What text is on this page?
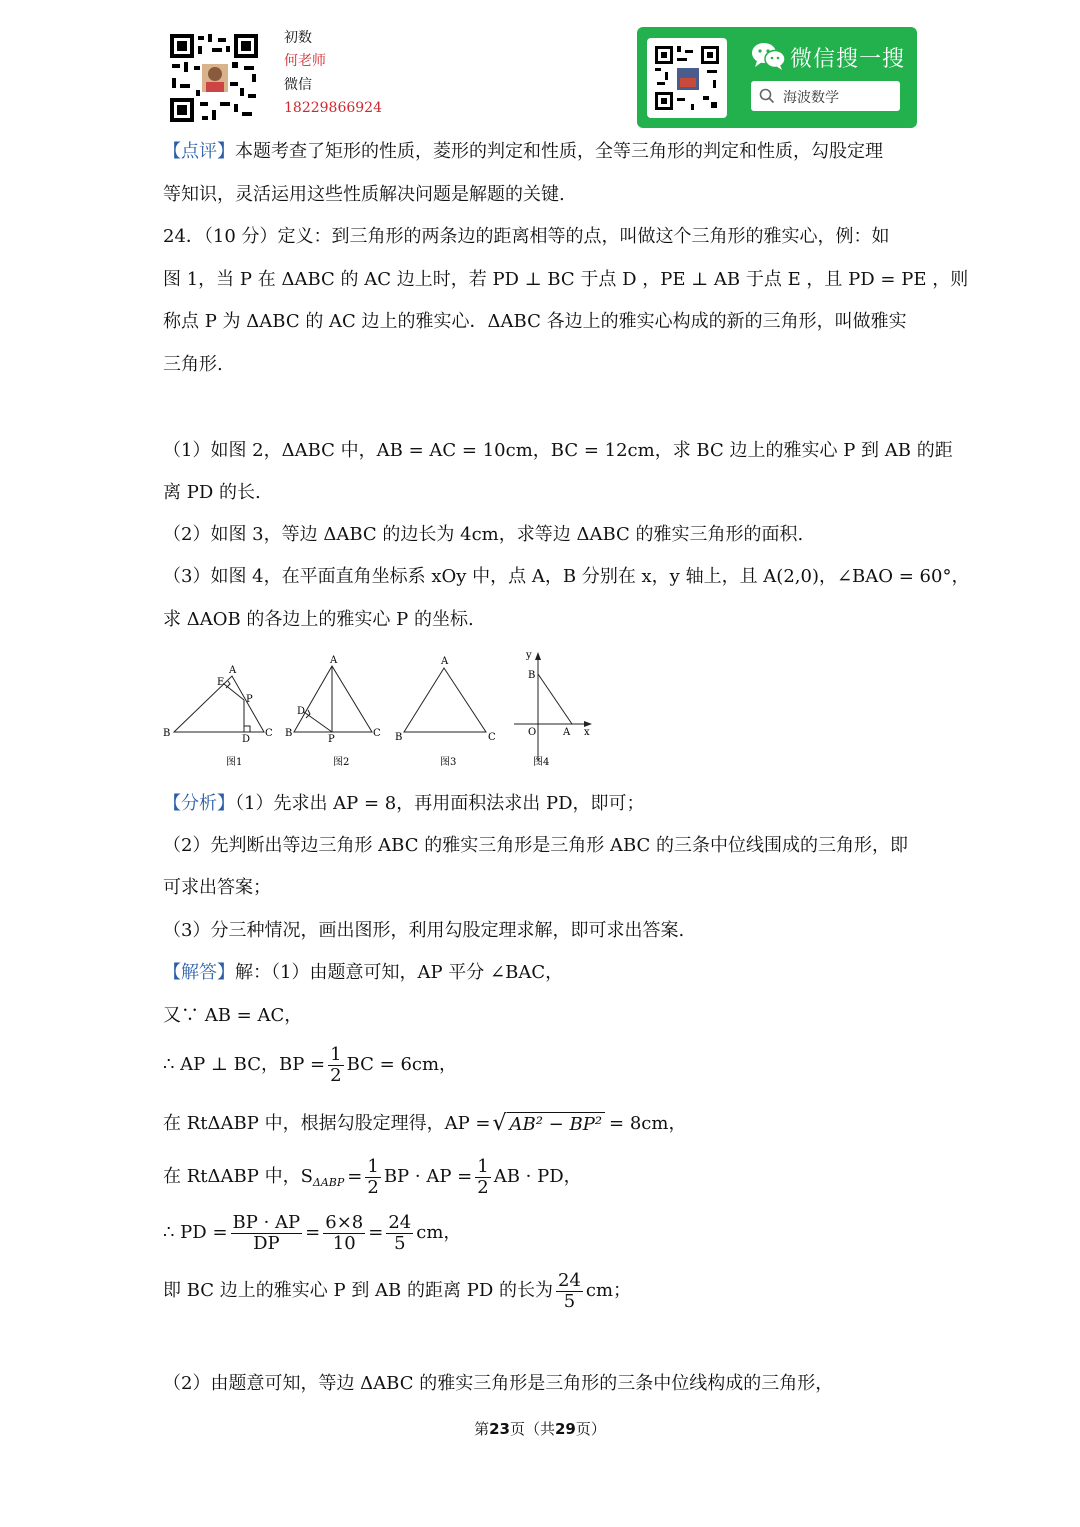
初数
何老师
微信
18229866924
微信搜一搜
海波数学
【点评】本题考查了矩形的性质，菱形的判定和性质，全等三角形的判定和性质，勾股定理
等知识，灵活运用这些性质解决问题是解题的关键.
24．（10 分）定义：到三角形的两条边的距离相等的点，叫做这个三角形的雅实心，例：如
图 1，当 P 在 ΔABC 的 AC 边上时，若 PD ⊥ BC 于点 D ，PE ⊥ AB 于点 E ，且 PD = PE ，则
称点 P 为 ΔABC 的 AC 边上的雅实心．ΔABC 各边上的雅实心构成的新的三角形，叫做雅实
三角形.
（1）如图 2，ΔABC 中，AB = AC = 10cm，BC = 12cm，求 BC 边上的雅实心 P 到 AB 的距
离 PD 的长.
（2）如图 3，等边 ΔABC 的边长为 4cm，求等边 ΔABC 的雅实三角形的面积.
（3）如图 4，在平面直角坐标系 xOy 中，点 A，B 分别在 x，y 轴上，且 A(2,0)，∠BAO = 60°，
求 ΔAOB 的各边上的雅实心 P 的坐标.
A
E
P
B
D
C
A
D
B
P
C
A
B	C
y
B
O	A x
图1	图2	图3	图4
【分析】（1）先求出 AP = 8，再用面积法求出 PD，即可；
（2）先判断出等边三角形 ABC 的雅实三角形是三角形 ABC 的三条中位线围成的三角形，即
可求出答案；
（3）分三种情况，画出图形，利用勾股定理求解，即可求出答案.
【解答】解：（1）由题意可知，AP 平分 ∠BAC，
又∵ AB = AC，
∴ AP ⊥ BC，BP = $\frac{1}{2}$ BC = 6cm，
在 RtΔABP 中，根据勾股定理得，AP = √ AB² − BP² = 8cm，
在 RtΔABP 中，S $\Delta ABP = \frac{1}{2}$ BP · AP = $\frac{1}{2}$ AB · PD，
∴ PD = $\frac{BP \cdot AP}{DP} = \frac{6\times 8}{10} = \frac{24}{5}$ cm，
即 BC 边上的雅实心 P 到 AB 的距离 PD 的长为 $\frac{24}{5}$ cm；
（2）由题意可知，等边 ΔABC 的雅实三角形是三角形的三条中位线构成的三角形，
第23页（共29页）
